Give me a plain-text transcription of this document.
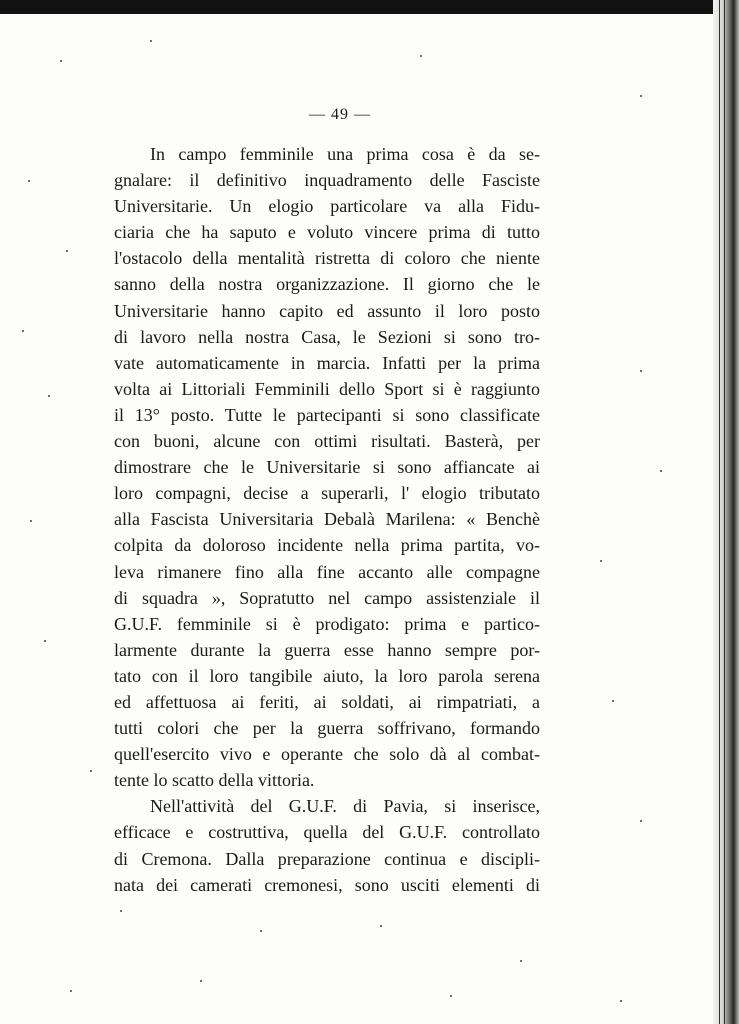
— 49 —
In campo femminile una prima cosa è da se-
gnalare: il definitivo inquadramento delle Fasciste
Universitarie. Un elogio particolare va alla Fidu-
ciaria che ha saputo e voluto vincere prima di tutto
l'ostacolo della mentalità ristretta di coloro che niente
sanno della nostra organizzazione. Il giorno che le
Universitarie hanno capito ed assunto il loro posto
di lavoro nella nostra Casa, le Sezioni si sono tro-
vate automaticamente in marcia. Infatti per la prima
volta ai Littoriali Femminili dello Sport si è raggiunto
il 13° posto. Tutte le partecipanti si sono classificate
con buoni, alcune con ottimi risultati. Basterà, per
dimostrare che le Universitarie si sono affiancate ai
loro compagni, decise a superarli, l' elogio tributato
alla Fascista Universitaria Debalà Marilena: « Benchè
colpita da doloroso incidente nella prima partita, vo-
leva rimanere fino alla fine accanto alle compagne
di squadra », Sopratutto nel campo assistenziale il
G.U.F. femminile si è prodigato: prima e partico-
larmente durante la guerra esse hanno sempre por-
tato con il loro tangibile aiuto, la loro parola serena
ed affettuosa ai feriti, ai soldati, ai rimpatriati, a
tutti colori che per la guerra soffrivano, formando
quell'esercito vivo e operante che solo dà al combat-
tente lo scatto della vittoria.
Nell'attività del G.U.F. di Pavia, si inserisce,
efficace e costruttiva, quella del G.U.F. controllato
di Cremona. Dalla preparazione continua e discipli-
nata dei camerati cremonesi, sono usciti elementi di
